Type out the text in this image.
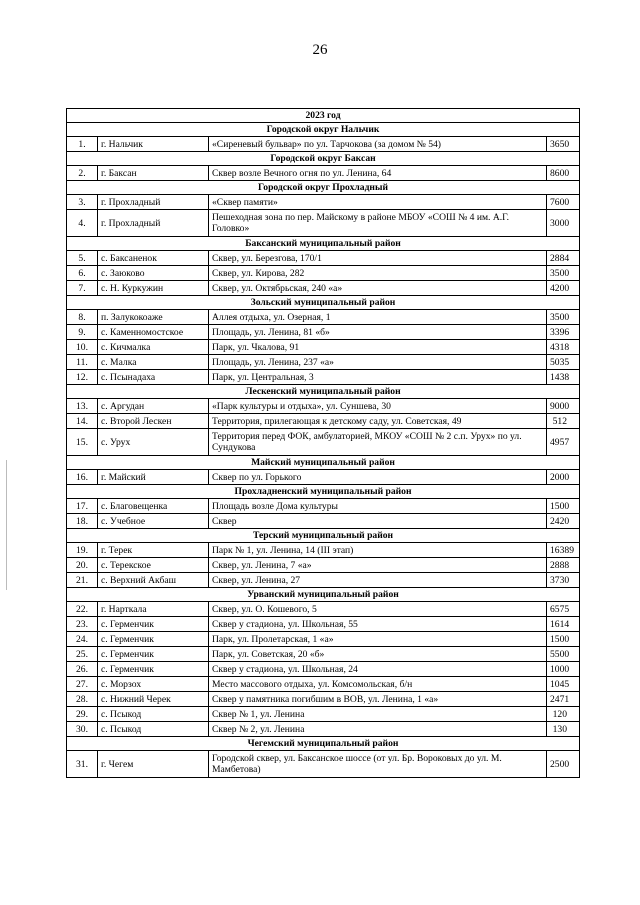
26
2023 год			
Городской округ Нальчик			
1.	г. Нальчик	«Сиреневый бульвар» по ул. Тарчокова (за домом № 54)	3650
Городской округ Баксан			
2.	г. Баксан	Сквер возле Вечного огня по ул. Ленина, 64	8600
Городской округ Прохладный			
3.	г. Прохладный	«Сквер памяти»	7600
4.	г. Прохладный	Пешеходная зона по пер. Майскому в районе МБОУ «СОШ № 4 им. А.Г. Головко»	3000
Баксанский муниципальный район			
5.	с. Баксаненок	Сквер, ул. Березгова, 170/1	2884
6.	с. Заюково	Сквер, ул. Кирова, 282	3500
7.	с. Н. Куркужин	Сквер, ул. Октябрьская, 240 «а»	4200
Зольский муниципальный район			
8.	п. Залукокоаже	Аллея отдыха, ул. Озерная, 1	3500
9.	с. Каменномостское	Площадь, ул. Ленина, 81 «б»	3396
10.	с. Кичмалка	Парк, ул. Чкалова, 91	4318
11.	с. Малка	Площадь, ул. Ленина, 237 «а»	5035
12.	с. Псынадаха	Парк, ул. Центральная, 3	1438
Лескенский муниципальный район			
13.	с. Аргудан	«Парк культуры и отдыха», ул. Суншева, 30	9000
14.	с. Второй Лескен	Территория, прилегающая к детскому саду, ул. Советская, 49	512
15.	с. Урух	Территория перед ФОК, амбулаторией, МКОУ «СОШ № 2 с.п. Урух» по ул. Сундукова	4957
Майский муниципальный район			
16.	г. Майский	Сквер по ул. Горького	2000
Прохладненский муниципальный район			
17.	с. Благовещенка	Площадь возле Дома культуры	1500
18.	с. Учебное	Сквер	2420
Терский муниципальный район			
19.	г. Терек	Парк № 1, ул. Ленина, 14 (III этап)	16389
20.	с. Терекское	Сквер, ул. Ленина, 7 «а»	2888
21.	с. Верхний Акбаш	Сквер, ул. Ленина, 27	3730
Урванский муниципальный район			
22.	г. Нарткала	Сквер, ул. О. Кошевого, 5	6575
23.	с. Герменчик	Сквер у стадиона, ул. Школьная, 55	1614
24.	с. Герменчик	Парк, ул. Пролетарская, 1 «а»	1500
25.	с. Герменчик	Парк, ул. Советская, 20 «б»	5500
26.	с. Герменчик	Сквер у стадиона, ул. Школьная, 24	1000
27.	с. Морзох	Место массового отдыха, ул. Комсомольская, б/н	1045
28.	с. Нижний Черек	Сквер у памятника погибшим в ВОВ, ул. Ленина, 1 «а»	2471
29.	с. Псыкод	Сквер № 1, ул. Ленина	120
30.	с. Псыкод	Сквер № 2, ул. Ленина	130
Чегемский муниципальный район			
31.	г. Чегем	Городской сквер, ул. Баксанское шоссе (от ул. Бр. Вороковых до ул. М. Мамбетова)	2500
